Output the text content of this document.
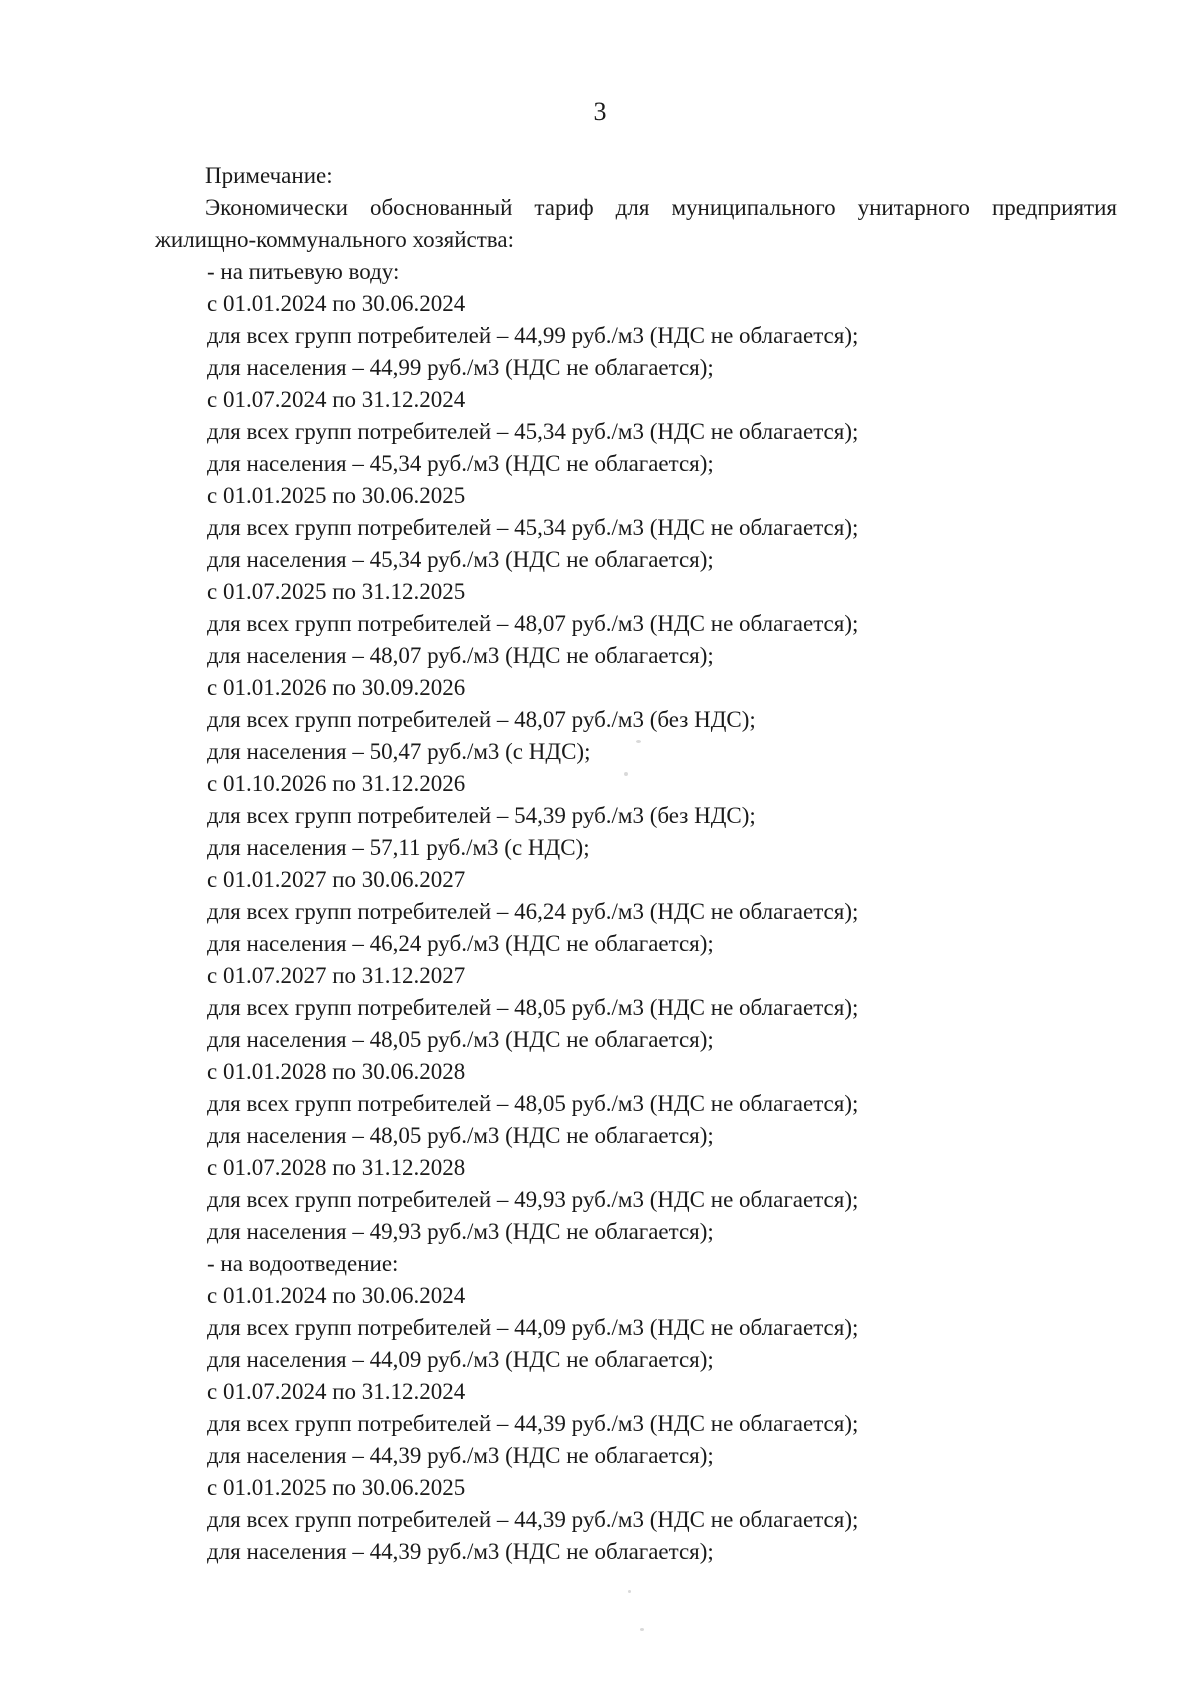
3
Примечание:
Экономически обоснованный тариф для муниципального унитарного предприятия
жилищно-коммунального хозяйства:
- на питьевую воду:
с 01.01.2024 по 30.06.2024
для всех групп потребителей – 44,99 руб./м3 (НДС не облагается);
для населения – 44,99 руб./м3 (НДС не облагается);
с 01.07.2024 по 31.12.2024
для всех групп потребителей – 45,34 руб./м3 (НДС не облагается);
для населения – 45,34 руб./м3 (НДС не облагается);
с 01.01.2025 по 30.06.2025
для всех групп потребителей – 45,34 руб./м3 (НДС не облагается);
для населения – 45,34 руб./м3 (НДС не облагается);
с 01.07.2025 по 31.12.2025
для всех групп потребителей – 48,07 руб./м3 (НДС не облагается);
для населения – 48,07 руб./м3 (НДС не облагается);
с 01.01.2026 по 30.09.2026
для всех групп потребителей – 48,07 руб./м3 (без НДС);
для населения – 50,47 руб./м3 (с НДС);
с 01.10.2026 по 31.12.2026
для всех групп потребителей – 54,39 руб./м3 (без НДС);
для населения – 57,11 руб./м3 (с НДС);
с 01.01.2027 по 30.06.2027
для всех групп потребителей – 46,24 руб./м3 (НДС не облагается);
для населения – 46,24 руб./м3 (НДС не облагается);
с 01.07.2027 по 31.12.2027
для всех групп потребителей – 48,05 руб./м3 (НДС не облагается);
для населения – 48,05 руб./м3 (НДС не облагается);
с 01.01.2028 по 30.06.2028
для всех групп потребителей – 48,05 руб./м3 (НДС не облагается);
для населения – 48,05 руб./м3 (НДС не облагается);
с 01.07.2028 по 31.12.2028
для всех групп потребителей – 49,93 руб./м3 (НДС не облагается);
для населения – 49,93 руб./м3 (НДС не облагается);
- на водоотведение:
с 01.01.2024 по 30.06.2024
для всех групп потребителей – 44,09 руб./м3 (НДС не облагается);
для населения – 44,09 руб./м3 (НДС не облагается);
с 01.07.2024 по 31.12.2024
для всех групп потребителей – 44,39 руб./м3 (НДС не облагается);
для населения – 44,39 руб./м3 (НДС не облагается);
с 01.01.2025 по 30.06.2025
для всех групп потребителей – 44,39 руб./м3 (НДС не облагается);
для населения – 44,39 руб./м3 (НДС не облагается);
